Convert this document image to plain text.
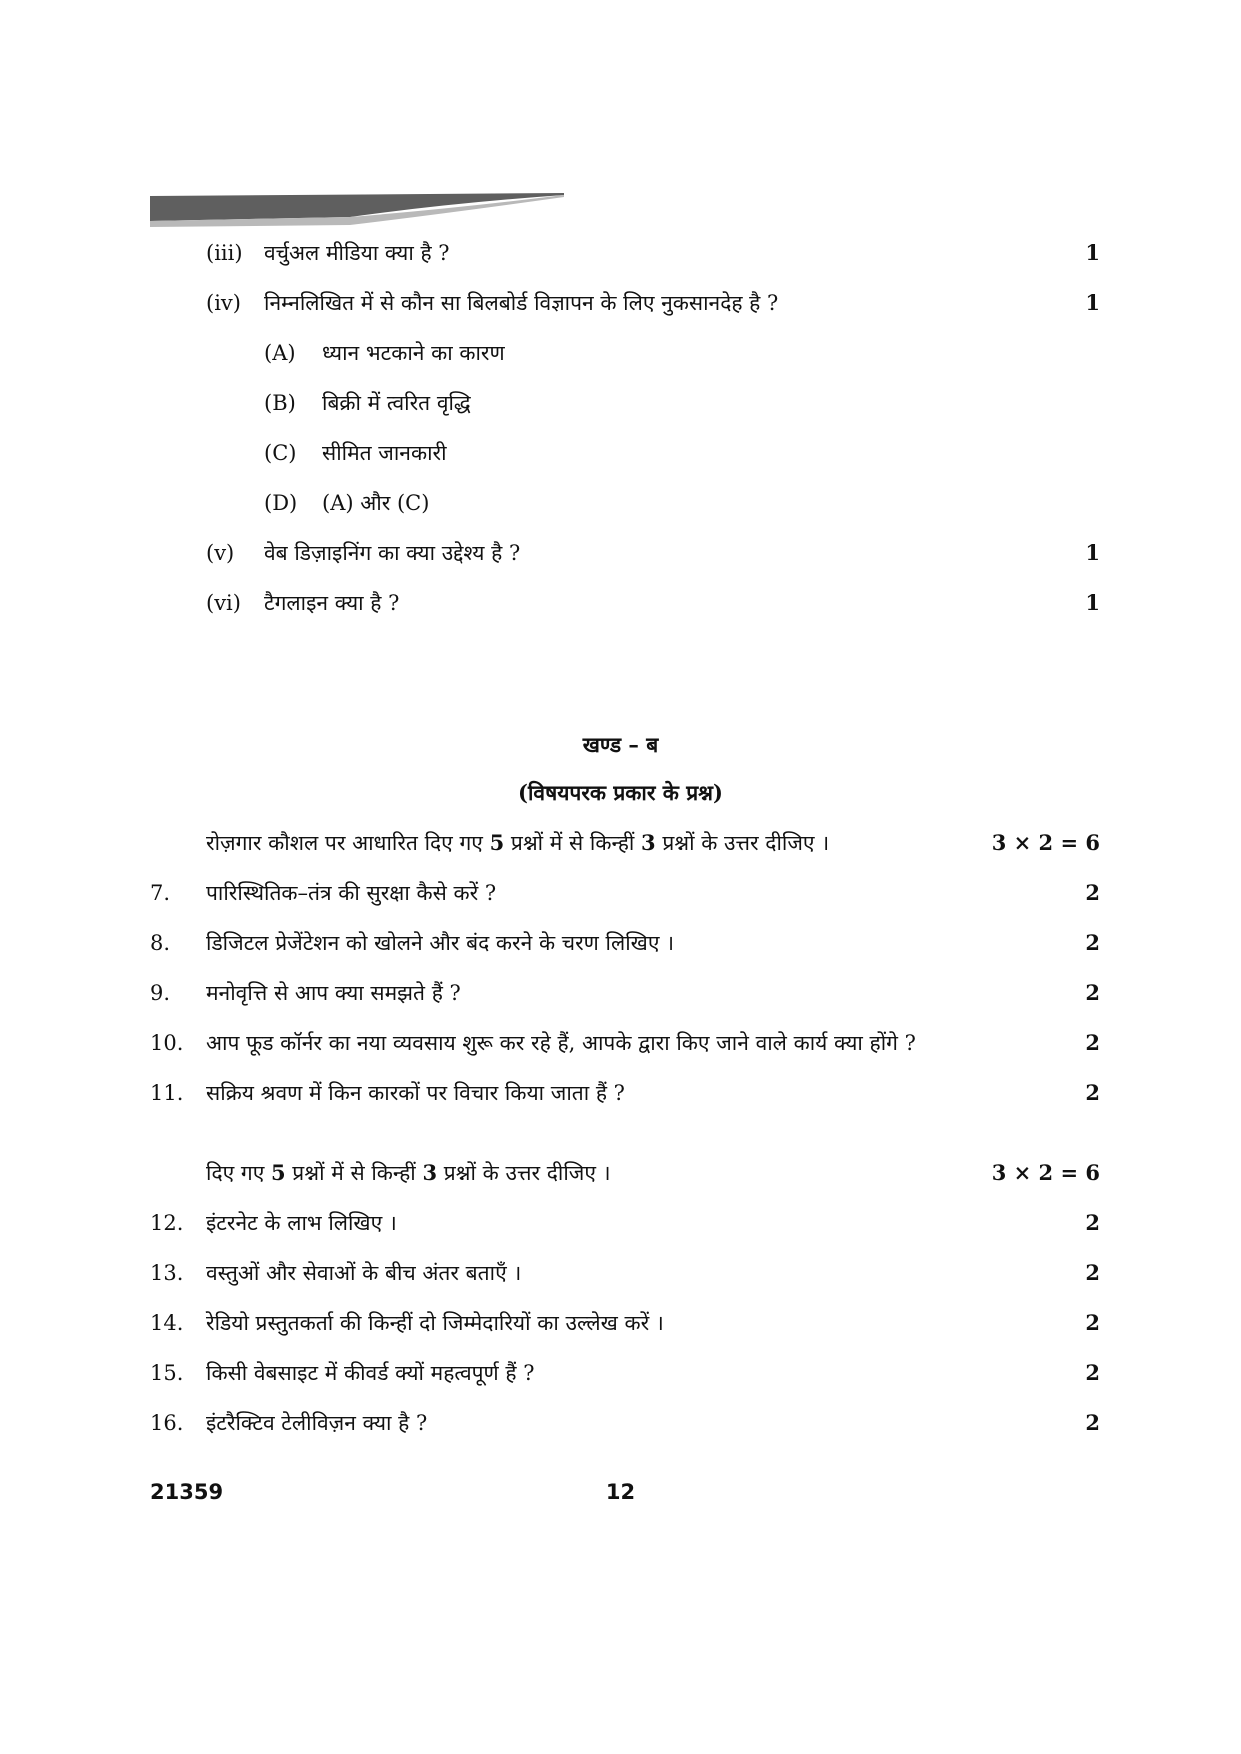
(iii) वर्चुअल मीडिया क्या है ?	1
(iv) निम्नलिखित में से कौन सा बिलबोर्ड विज्ञापन के लिए नुकसानदेह है ?	1
(A) ध्यान भटकाने का कारण
(B) बिक्री में त्वरित वृद्धि
(C) सीमित जानकारी
(D) (A) और (C)
(v) वेब डिज़ाइनिंग का क्या उद्देश्य है ?	1
(vi) टैगलाइन क्या है ?	1
खण्ड – ब
(विषयपरक प्रकार के प्रश्न)
रोज़गार कौशल पर आधारित दिए गए 5 प्रश्नों में से किन्हीं 3 प्रश्नों के उत्तर दीजिए ।	3 × 2 = 6
7. पारिस्थितिक–तंत्र की सुरक्षा कैसे करें ?	2
8. डिजिटल प्रेजेंटेशन को खोलने और बंद करने के चरण लिखिए ।	2
9. मनोवृत्ति से आप क्या समझते हैं ?	2
10. आप फूड कॉर्नर का नया व्यवसाय शुरू कर रहे हैं, आपके द्वारा किए जाने वाले कार्य क्या होंगे ?	2
11. सक्रिय श्रवण में किन कारकों पर विचार किया जाता हैं ?	2
दिए गए 5 प्रश्नों में से किन्हीं 3 प्रश्नों के उत्तर दीजिए ।	3 × 2 = 6
12. इंटरनेट के लाभ लिखिए ।	2
13. वस्तुओं और सेवाओं के बीच अंतर बताएँ ।	2
14. रेडियो प्रस्तुतकर्ता की किन्हीं दो जिम्मेदारियों का उल्लेख करें ।	2
15. किसी वेबसाइट में कीवर्ड क्यों महत्वपूर्ण हैं ?	2
16. इंटरैक्टिव टेलीविज़न क्या है ?	2
21359	12
